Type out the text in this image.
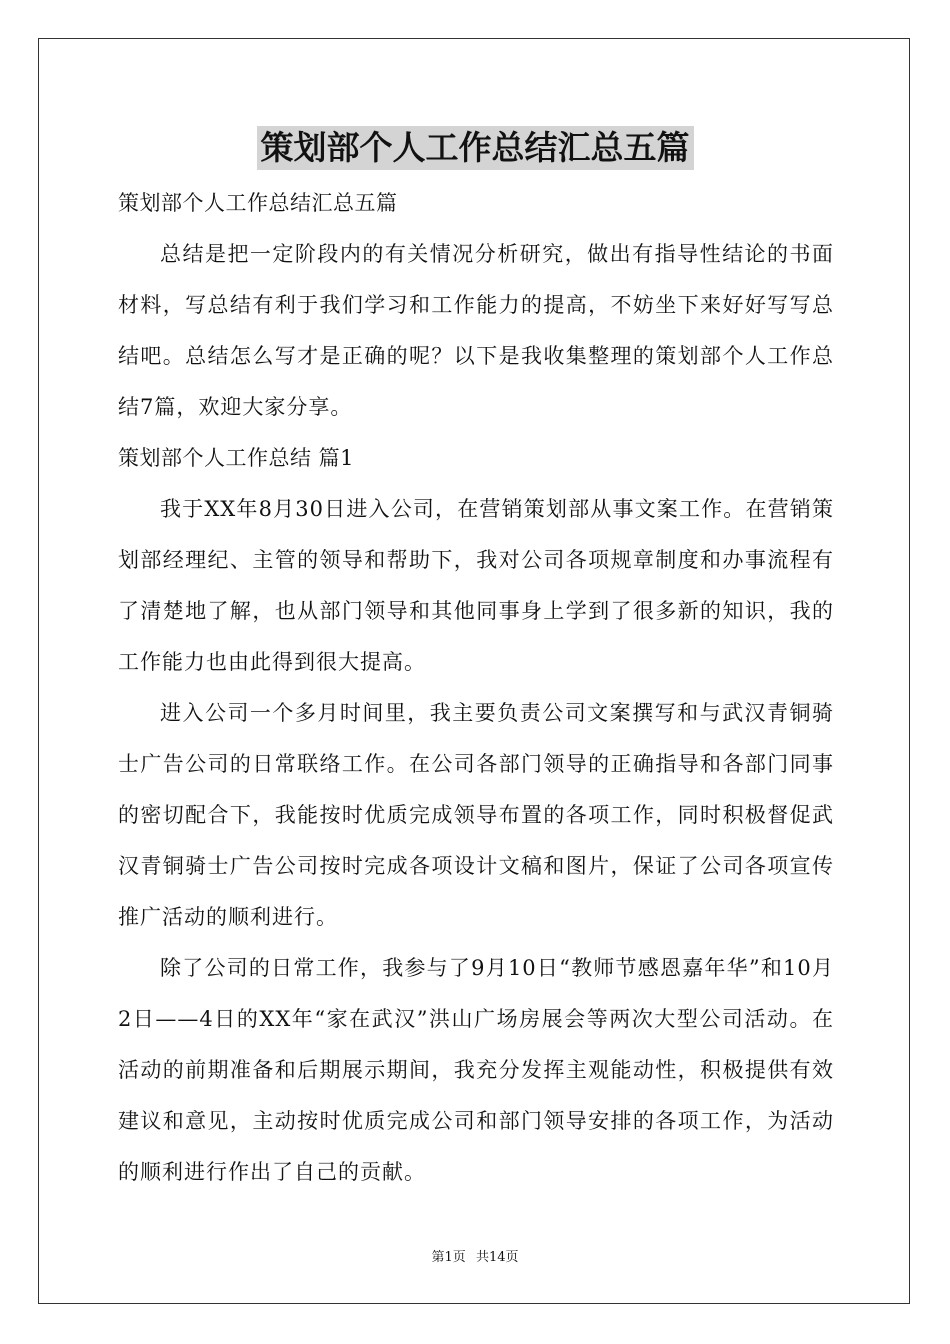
策划部个人工作总结汇总五篇

策划部个人工作总结汇总五篇

总结是把一定阶段内的有关情况分析研究，做出有指导性结论的书面材料，写总结有利于我们学习和工作能力的提高，不妨坐下来好好写写总结吧。总结怎么写才是正确的呢？以下是我收集整理的策划部个人工作总结7篇，欢迎大家分享。

策划部个人工作总结 篇1

我于XX年8月30日进入公司，在营销策划部从事文案工作。在营销策划部经理纪、主管的领导和帮助下，我对公司各项规章制度和办事流程有了清楚地了解，也从部门领导和其他同事身上学到了很多新的知识，我的工作能力也由此得到很大提高。

进入公司一个多月时间里，我主要负责公司文案撰写和与武汉青铜骑士广告公司的日常联络工作。在公司各部门领导的正确指导和各部门同事的密切配合下，我能按时优质完成领导布置的各项工作，同时积极督促武汉青铜骑士广告公司按时完成各项设计文稿和图片，保证了公司各项宣传推广活动的顺利进行。

除了公司的日常工作，我参与了9月10日“教师节感恩嘉年华”和10月2日——4日的XX年“家在武汉”洪山广场房展会等两次大型公司活动。在活动的前期准备和后期展示期间，我充分发挥主观能动性，积极提供有效建议和意见，主动按时优质完成公司和部门领导安排的各项工作，为活动的顺利进行作出了自己的贡献。

第1页 共14页
